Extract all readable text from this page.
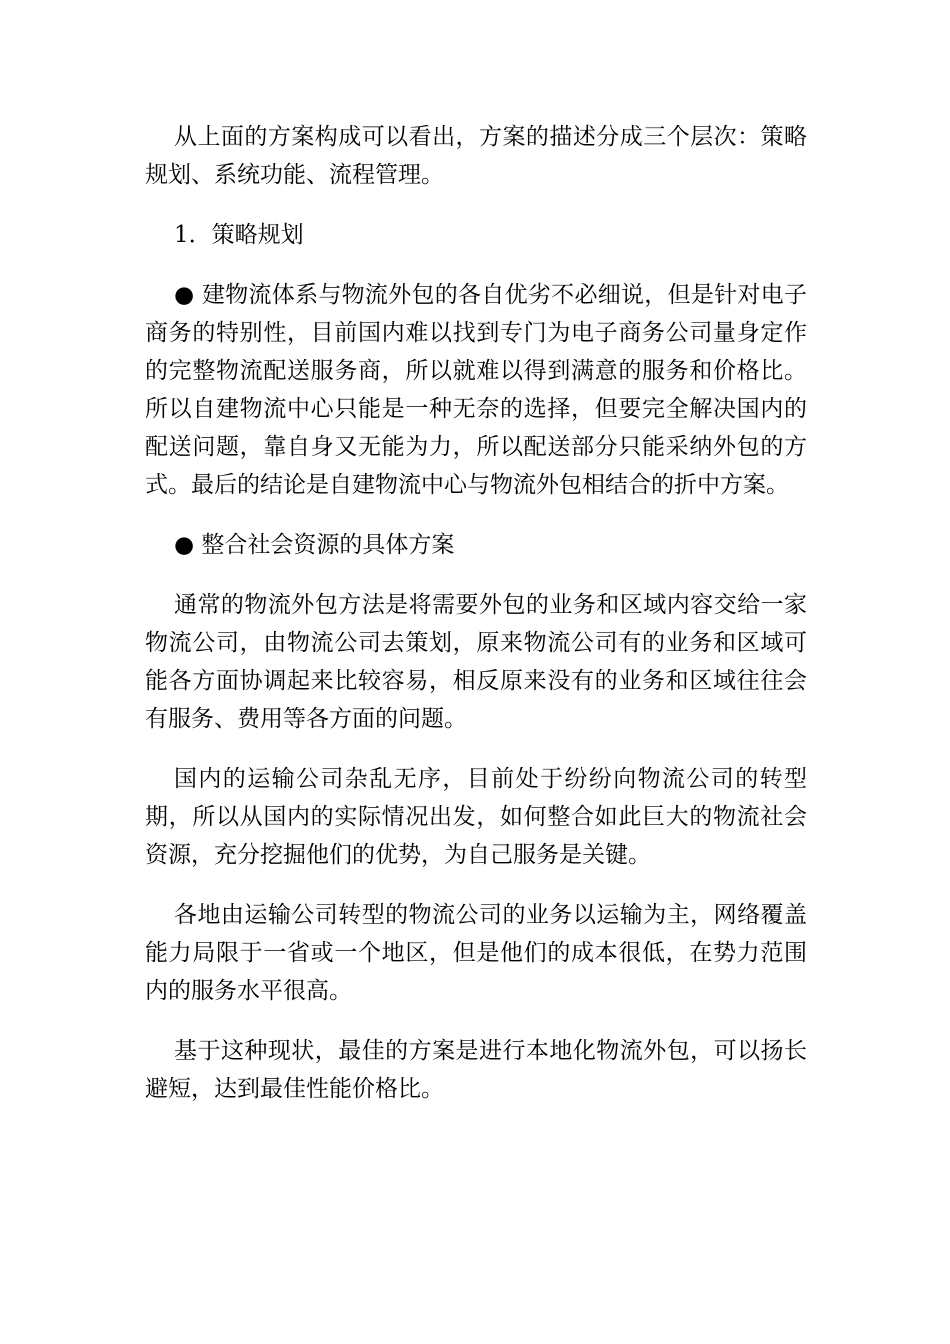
从上面的方案构成可以看出，方案的描述分成三个层次：策略规划、系统功能、流程管理。

1．策略规划

● 建物流体系与物流外包的各自优劣不必细说，但是针对电子商务的特别性，目前国内难以找到专门为电子商务公司量身定作的完整物流配送服务商，所以就难以得到满意的服务和价格比。所以自建物流中心只能是一种无奈的选择，但要完全解决国内的配送问题，靠自身又无能为力，所以配送部分只能采纳外包的方式。最后的结论是自建物流中心与物流外包相结合的折中方案。

● 整合社会资源的具体方案

通常的物流外包方法是将需要外包的业务和区域内容交给一家物流公司，由物流公司去策划，原来物流公司有的业务和区域可能各方面协调起来比较容易，相反原来没有的业务和区域往往会有服务、费用等各方面的问题。

国内的运输公司杂乱无序，目前处于纷纷向物流公司的转型期，所以从国内的实际情况出发，如何整合如此巨大的物流社会资源，充分挖掘他们的优势，为自己服务是关键。

各地由运输公司转型的物流公司的业务以运输为主，网络覆盖能力局限于一省或一个地区，但是他们的成本很低，在势力范围内的服务水平很高。

基于这种现状，最佳的方案是进行本地化物流外包，可以扬长避短，达到最佳性能价格比。
